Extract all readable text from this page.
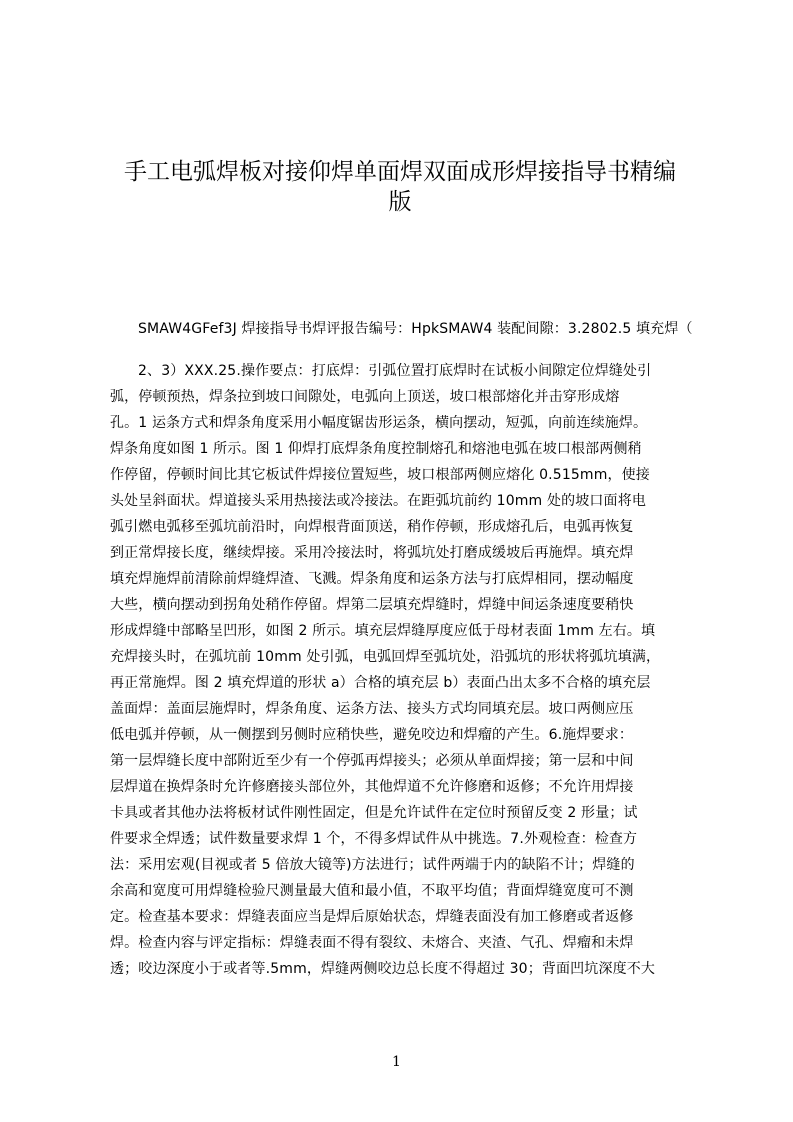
手工电弧焊板对接仰焊单面焊双面成形焊接指导书精编
版
SMAW4GFef3J 焊接指导书焊评报告编号：HpkSMAW4 装配间隙：3.2802.5 填充焊（
2、3）XXX.25.操作要点：打底焊：引弧位置打底焊时在试板小间隙定位焊缝处引
弧，停顿预热，焊条拉到坡口间隙处，电弧向上顶送，坡口根部熔化并击穿形成熔
孔。1 运条方式和焊条角度采用小幅度锯齿形运条，横向摆动，短弧，向前连续施焊。
焊条角度如图 1 所示。图 1 仰焊打底焊条角度控制熔孔和熔池电弧在坡口根部两侧稍
作停留，停顿时间比其它板试件焊接位置短些，坡口根部两侧应熔化 0.515mm，使接
头处呈斜面状。焊道接头采用热接法或冷接法。在距弧坑前约 10mm 处的坡口面将电
弧引燃电弧移至弧坑前沿时，向焊根背面顶送，稍作停顿，形成熔孔后，电弧再恢复
到正常焊接长度，继续焊接。采用冷接法时，将弧坑处打磨成缓坡后再施焊。填充焊
填充焊施焊前清除前焊缝焊渣、飞溅。焊条角度和运条方法与打底焊相同，摆动幅度
大些，横向摆动到拐角处稍作停留。焊第二层填充焊缝时，焊缝中间运条速度要稍快
形成焊缝中部略呈凹形，如图 2 所示。填充层焊缝厚度应低于母材表面 1mm 左右。填
充焊接头时，在弧坑前 10mm 处引弧，电弧回焊至弧坑处，沿弧坑的形状将弧坑填满，
再正常施焊。图 2 填充焊道的形状 a）合格的填充层 b）表面凸出太多不合格的填充层
盖面焊：盖面层施焊时，焊条角度、运条方法、接头方式均同填充层。坡口两侧应压
低电弧并停顿，从一侧摆到另侧时应稍快些，避免咬边和焊瘤的产生。6.施焊要求：
第一层焊缝长度中部附近至少有一个停弧再焊接头；必须从单面焊接；第一层和中间
层焊道在换焊条时允许修磨接头部位外，其他焊道不允许修磨和返修；不允许用焊接
卡具或者其他办法将板材试件刚性固定，但是允许试件在定位时预留反变 2 形量；试
件要求全焊透；试件数量要求焊 1 个，不得多焊试件从中挑选。7.外观检查：检查方
法：采用宏观(目视或者 5 倍放大镜等)方法进行；试件两端于内的缺陷不计；焊缝的
余高和宽度可用焊缝检验尺测量最大值和最小值，不取平均值；背面焊缝宽度可不测
定。检查基本要求：焊缝表面应当是焊后原始状态，焊缝表面没有加工修磨或者返修
焊。检查内容与评定指标：焊缝表面不得有裂纹、未熔合、夹渣、气孔、焊瘤和未焊
透；咬边深度小于或者等.5mm，焊缝两侧咬边总长度不得超过 30；背面凹坑深度不大
1
